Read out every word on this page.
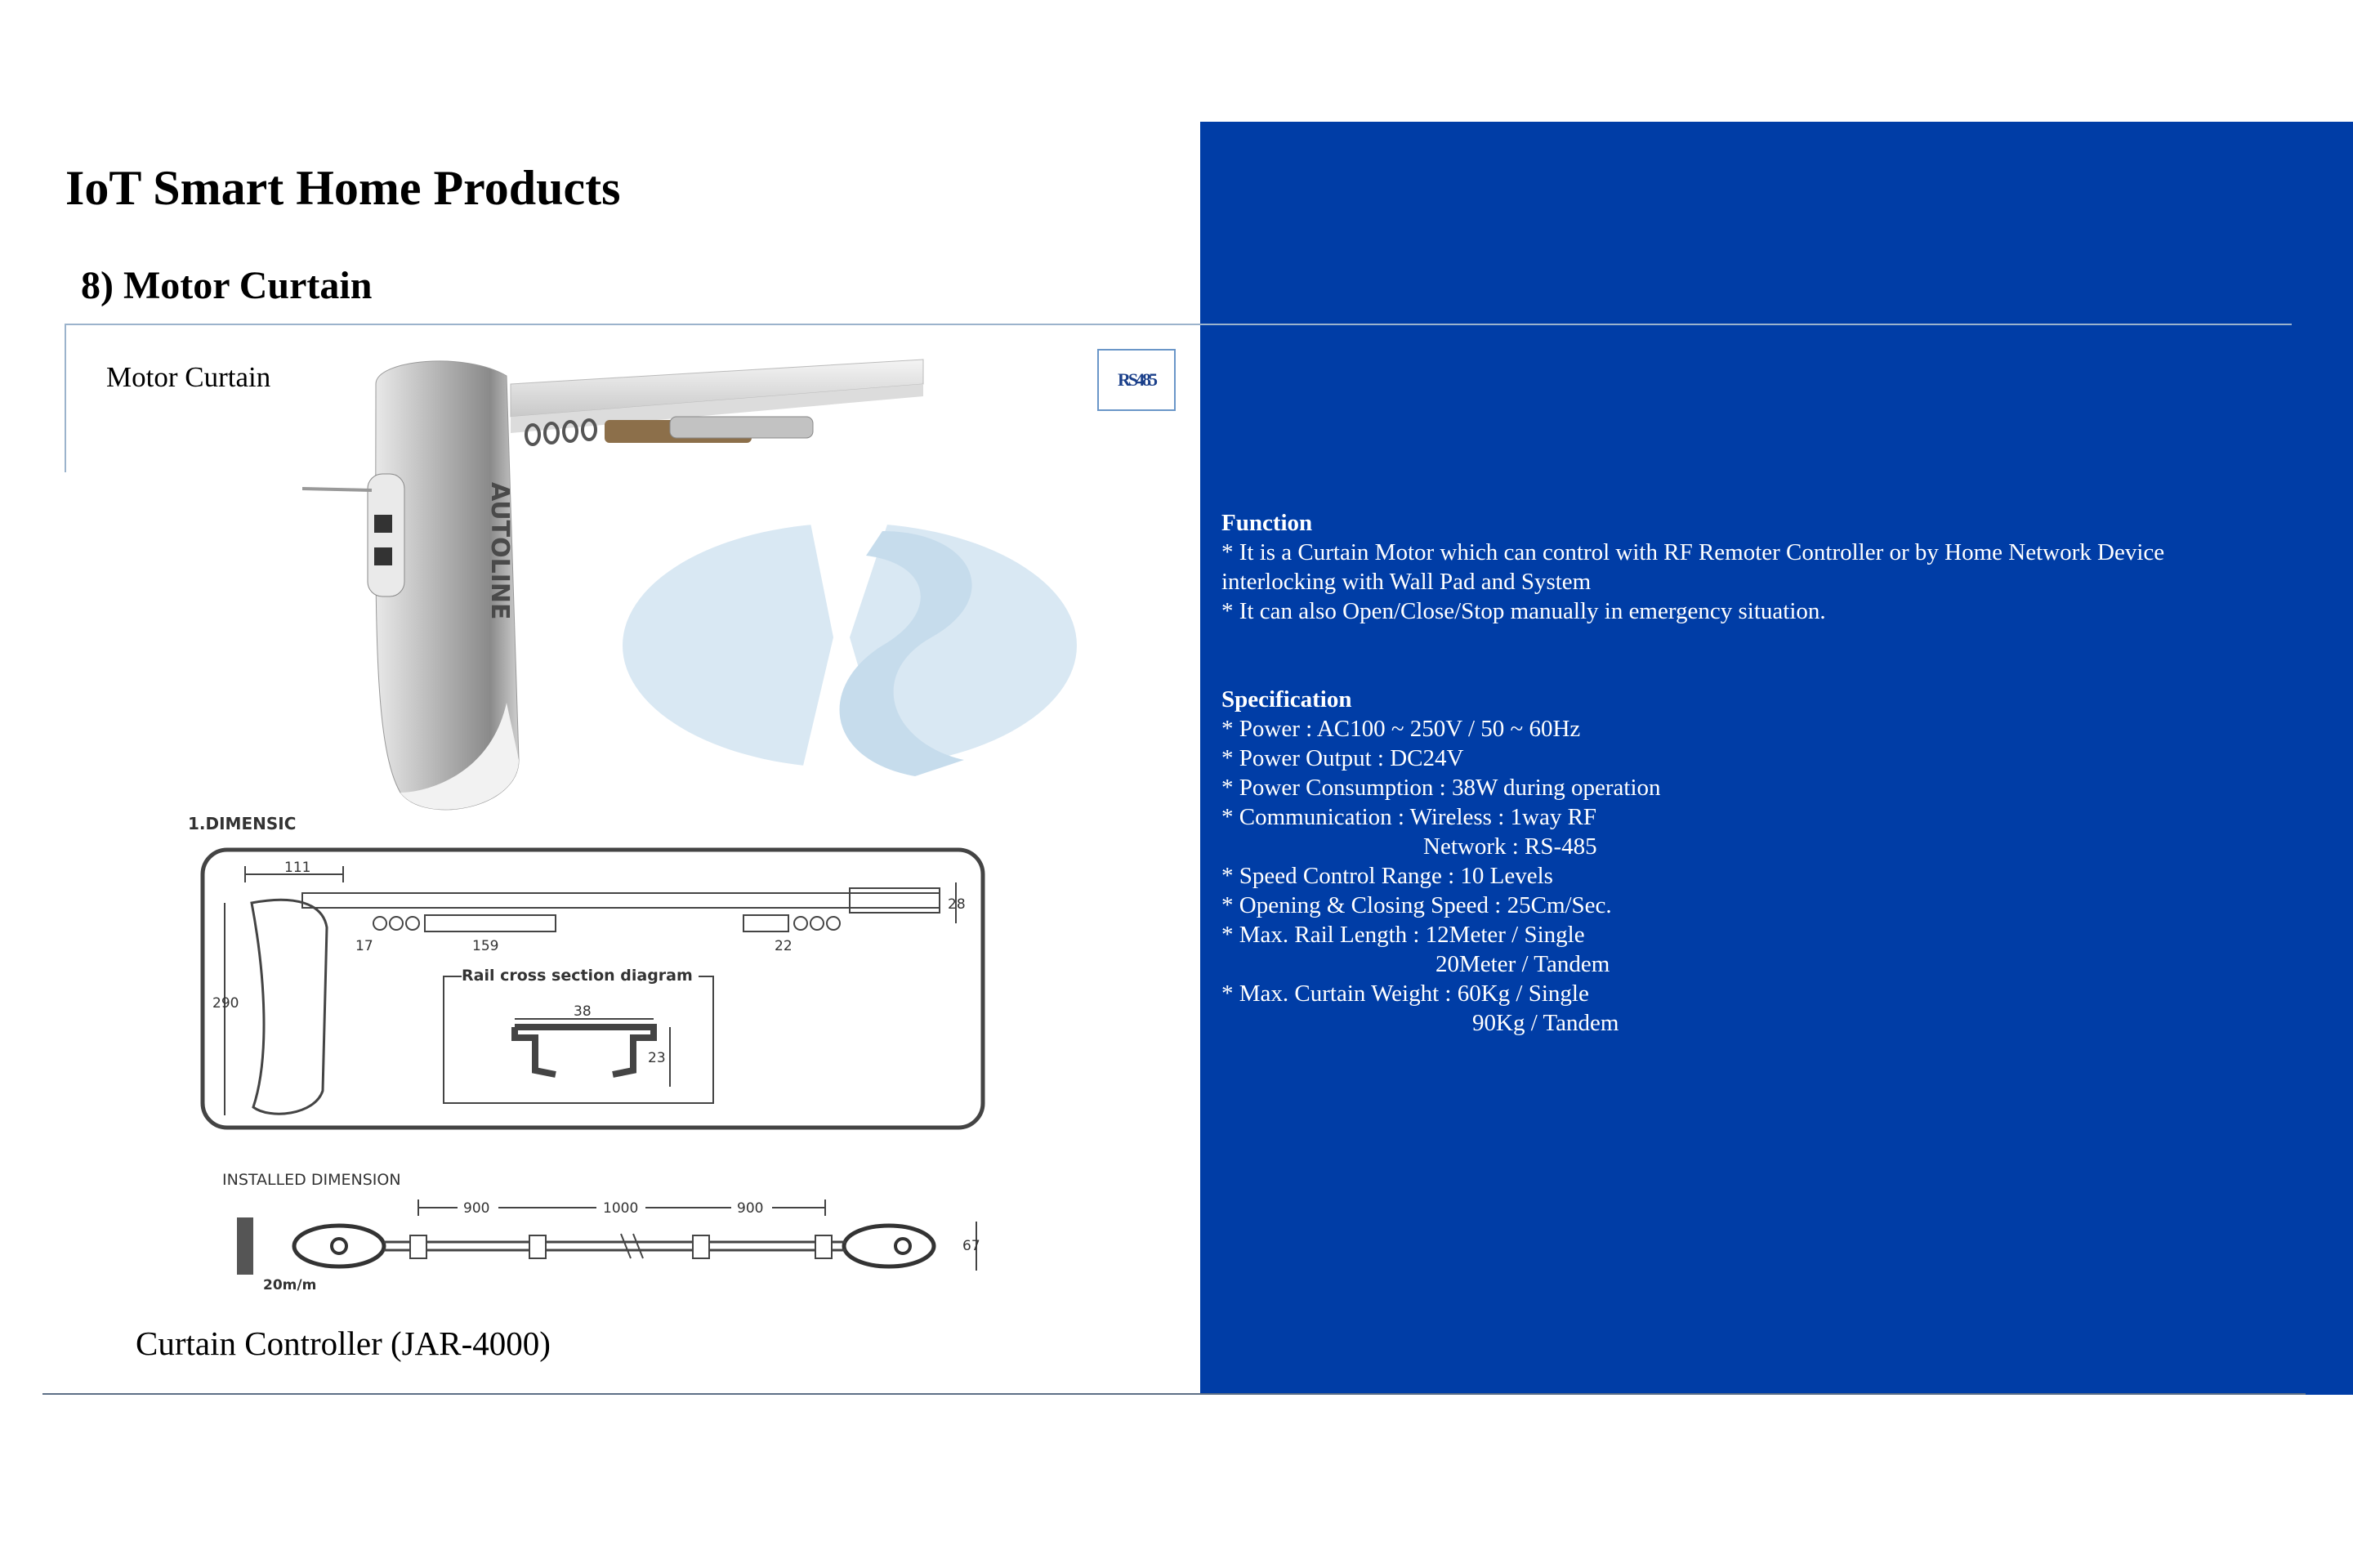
IoT Smart Home Products
8) Motor Curtain
Motor Curtain	RS485
AUTOLINE
1.DIMENSIC
111
28
17	159	22
290
Rail cross section diagram
38
23
INSTALLED DIMENSION
900	1000	900
67
20m/m
Curtain Controller (JAR-4000)
Function
* It is a Curtain Motor which can control with RF Remoter Controller or by Home Network Device
interlocking with Wall Pad and System
* It can also Open/Close/Stop manually in emergency situation.
Specification
* Power : AC100 ~ 250V / 50 ~ 60Hz
* Power Output : DC24V
* Power Consumption : 38W during operation
* Communication : Wireless : 1way RF
Network : RS-485
* Speed Control Range : 10 Levels
* Opening & Closing Speed : 25Cm/Sec.
* Max. Rail Length : 12Meter / Single
20Meter / Tandem
* Max. Curtain Weight : 60Kg / Single
90Kg / Tandem
